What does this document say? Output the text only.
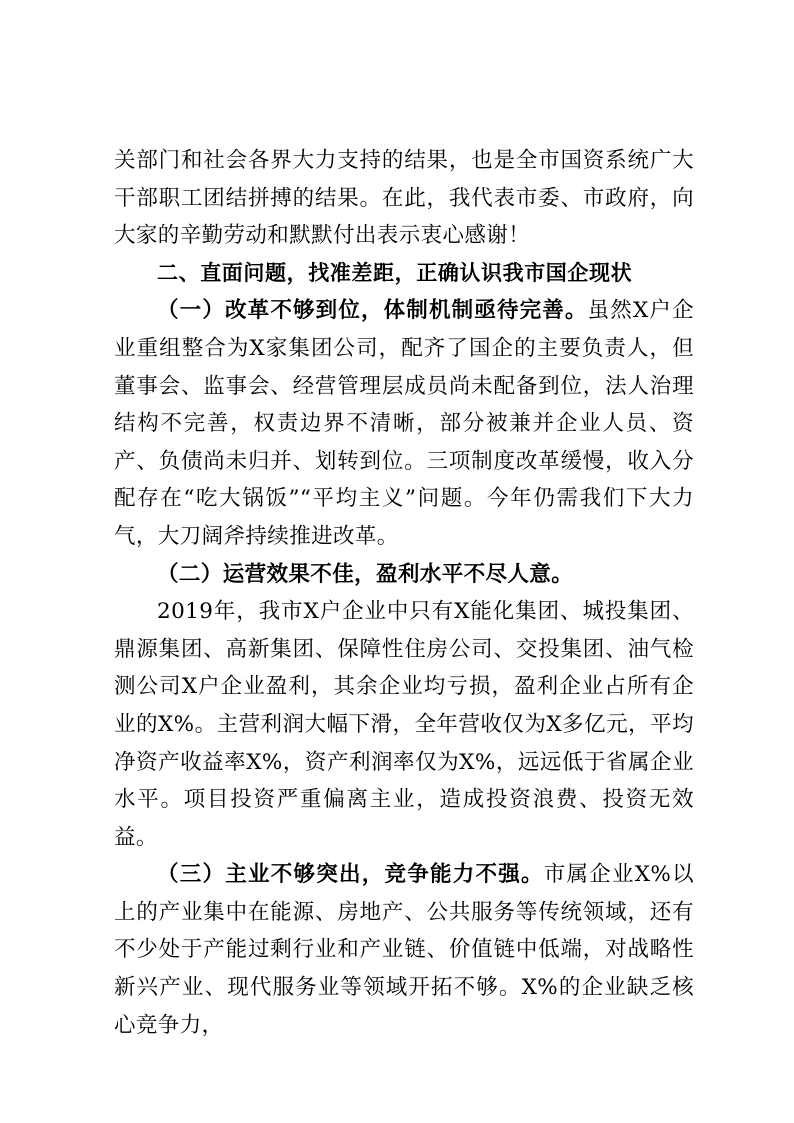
关部门和社会各界大力支持的结果，也是全市国资系统广大干部职工团结拼搏的结果。在此，我代表市委、市政府，向大家的辛勤劳动和默默付出表示衷心感谢！

二、直面问题，找准差距，正确认识我市国企现状

（一）改革不够到位，体制机制亟待完善。虽然X户企业重组整合为X家集团公司，配齐了国企的主要负责人，但董事会、监事会、经营管理层成员尚未配备到位，法人治理结构不完善，权责边界不清晰，部分被兼并企业人员、资产、负债尚未归并、划转到位。三项制度改革缓慢，收入分配存在“吃大锅饭”“平均主义”问题。今年仍需我们下大力气，大刀阔斧持续推进改革。

（二）运营效果不佳，盈利水平不尽人意。

2019年，我市X户企业中只有X能化集团、城投集团、鼎源集团、高新集团、保障性住房公司、交投集团、油气检测公司X户企业盈利，其余企业均亏损，盈利企业占所有企业的X%。主营利润大幅下滑，全年营收仅为X多亿元，平均净资产收益率X%，资产利润率仅为X%，远远低于省属企业水平。项目投资严重偏离主业，造成投资浪费、投资无效益。

（三）主业不够突出，竞争能力不强。市属企业X%以上的产业集中在能源、房地产、公共服务等传统领域，还有不少处于产能过剩行业和产业链、价值链中低端，对战略性新兴产业、现代服务业等领域开拓不够。X%的企业缺乏核心竞争力，
